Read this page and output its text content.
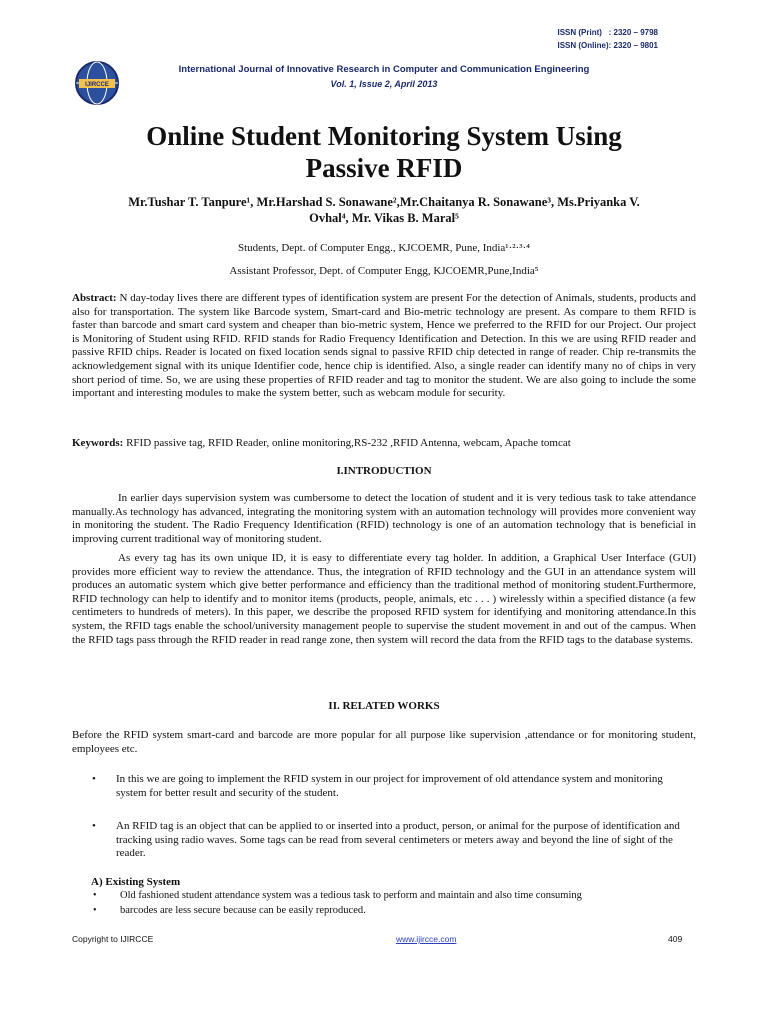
ISSN (Print)   : 2320 – 9798
ISSN (Online): 2320 – 9801
IJIRCCE
International Journal of Innovative Research in Computer and Communication Engineering
Vol. 1, Issue 2, April 2013
Online Student Monitoring System Using
Passive RFID
Mr.Tushar T. Tanpure¹, Mr.Harshad S. Sonawane²,Mr.Chaitanya R. Sonawane³, Ms.Priyanka V.
Ovhal⁴, Mr. Vikas B. Maral⁵
Students, Dept. of Computer Engg., KJCOEMR, Pune, India¹·²·³·⁴
Assistant Professor, Dept. of Computer Engg, KJCOEMR,Pune,India⁵
Abstract: N day-today lives there are different types of identification system are present For the detection of Animals, students, products and also for transportation. The system like Barcode system, Smart-card and Bio-metric technology are present. As compare to them RFID is faster than barcode and smart card system and cheaper than bio-metric system, Hence we preferred to the RFID for our Project. Our project is Monitoring of Student using RFID. RFID stands for Radio Frequency Identification and Detection. In this we are using RFID reader and passive RFID chips. Reader is located on fixed location sends signal to passive RFID chip detected in range of reader. Chip re-transmits the acknowledgement signal with its unique Identifier code, hence chip is identified. Also, a single reader can identify many no of chips in very short period of time. So, we are using these properties of RFID reader and tag to monitor the student. We are also going to include the some important and interesting modules to make the system better, such as webcam module for security.
Keywords: RFID passive tag, RFID Reader, online monitoring,RS-232 ,RFID Antenna, webcam, Apache tomcat
I.INTRODUCTION
In earlier days supervision system was cumbersome to detect the location of student and it is very tedious task to take attendance manually.As technology has advanced, integrating the monitoring system with an automation technology will provides more convenient way in monitoring the student. The Radio Frequency Identification (RFID) technology is one of an automation technology that is beneficial in improving current traditional way of monitoring student.
As every tag has its own unique ID, it is easy to differentiate every tag holder. In addition, a Graphical User Interface (GUI) provides more efficient way to review the attendance. Thus, the integration of RFID technology and the GUI in an attendance system will produces an automatic system which give better performance and efficiency than the traditional method of monitoring student.Furthermore, RFID technology can help to identify and to monitor items (products, people, animals, etc . . . ) wirelessly within a specified distance (a few centimeters to hundreds of meters). In this paper, we describe the proposed RFID system for identifying and monitoring attendance.In this system, the RFID tags enable the school/university management people to supervise the student movement in and out of the campus. When the RFID tags pass through the RFID reader in read range zone, then system will record the data from the RFID tags to the database systems.
II. RELATED WORKS
Before the RFID system smart-card and barcode are more popular for all purpose like supervision ,attendance or for monitoring student, employees etc.
• In this we are going to implement the RFID system in our project for improvement of old attendance system and monitoring system for better result and security of the student.
• An RFID tag is an object that can be applied to or inserted into a product, person, or animal for the purpose of identification and tracking using radio waves. Some tags can be read from several centimeters or meters away and beyond the line of sight of the reader.
A) Existing System
• Old fashioned student attendance system was a tedious task to perform and maintain and also time consuming
• barcodes are less secure because can be easily reproduced.
Copyright to IJIRCCE	www.ijircce.com	409
